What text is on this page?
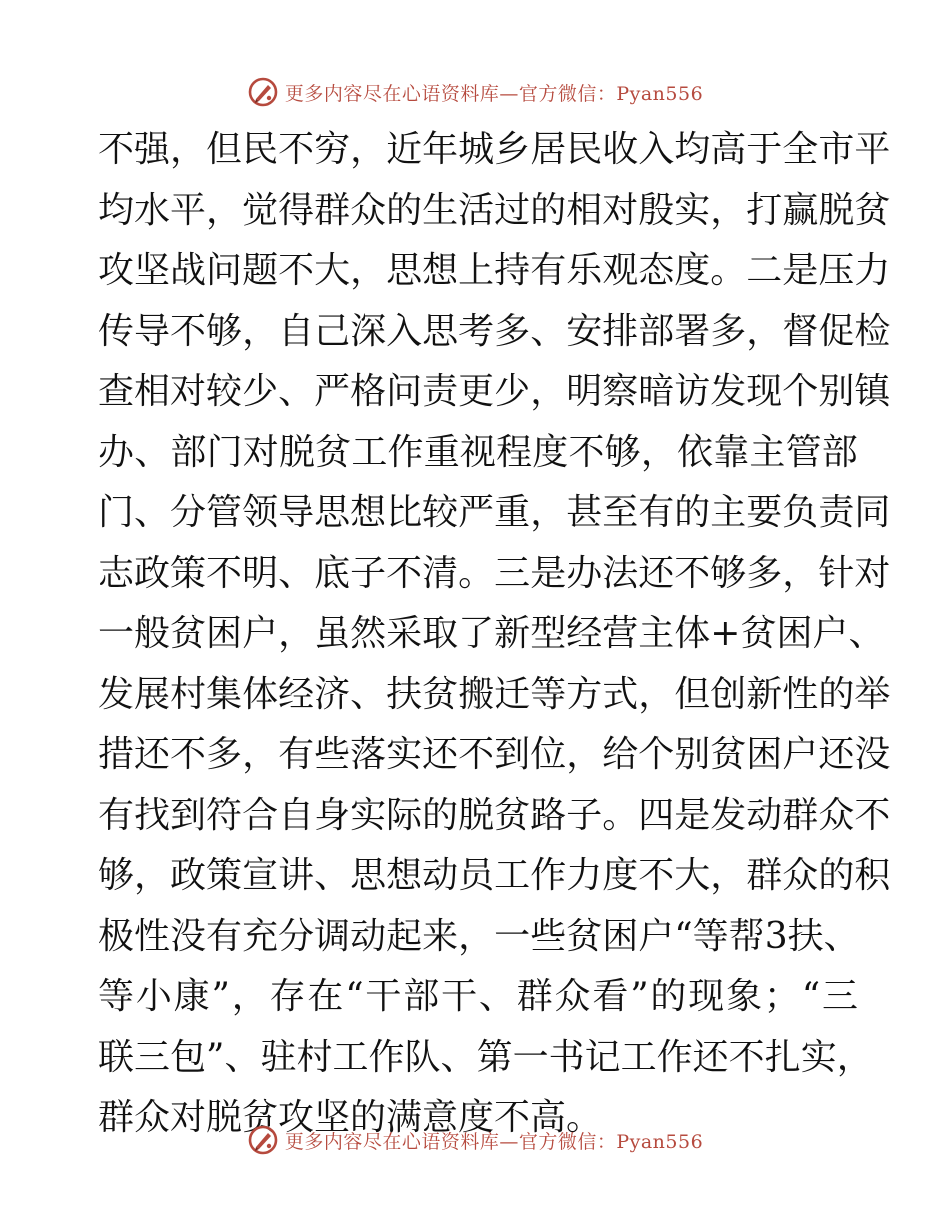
更多内容尽在心语资料库—官方微信：Pyan556
不 强 ， 但 民 不 穷 ， 近 年 城 乡 居 民 收 入 均 高 于 全 市 平
均 水 平 ， 觉 得 群 众 的 生 活 过 的 相 对 殷 实 ， 打 赢 脱 贫
攻 坚 战 问 题 不 大 ， 思 想 上 持 有 乐 观 态 度 。 二 是 压 力
传 导 不 够 ， 自 己 深 入 思 考 多 、 安 排 部 署 多 ， 督 促 检
查 相 对 较 少 、 严 格 问 责 更 少 ， 明 察 暗 访 发 现 个 别 镇
办 、 部 门 对 脱 贫 工 作 重 视 程 度 不 够 ， 依 靠 主 管 部
门 、 分 管 领 导 思 想 比 较 严 重 ， 甚 至 有 的 主 要 负 责 同
志 政 策 不 明 、 底 子 不 清 。 三 是 办 法 还 不 够 多 ， 针 对
一 般 贫 困 户 ， 虽 然 采 取 了 新 型 经 营 主 体 + 贫 困 户 、
发 展 村 集 体 经 济 、 扶 贫 搬 迁 等 方 式 ， 但 创 新 性 的 举
措 还 不 多 ， 有 些 落 实 还 不 到 位 ， 给 个 别 贫 困 户 还 没
有 找 到 符 合 自 身 实 际 的 脱 贫 路 子 。 四 是 发 动 群 众 不
够 ， 政 策 宣 讲 、 思 想 动 员 工 作 力 度 不 大 ， 群 众 的 积
极 性 没 有 充 分 调 动 起 来 ， 一 些 贫 困 户 “ 等 帮 3 扶 、
等 小 康 ” ， 存 在 “ 干 部 干 、 群 众 看 ” 的 现 象 ； “ 三
联 三 包 ” 、 驻 村 工 作 队 、 第 一 书 记 工 作 还 不 扎 实 ，
群众对脱贫攻坚的满意度不高。
更多内容尽在心语资料库—官方微信：Pyan556
